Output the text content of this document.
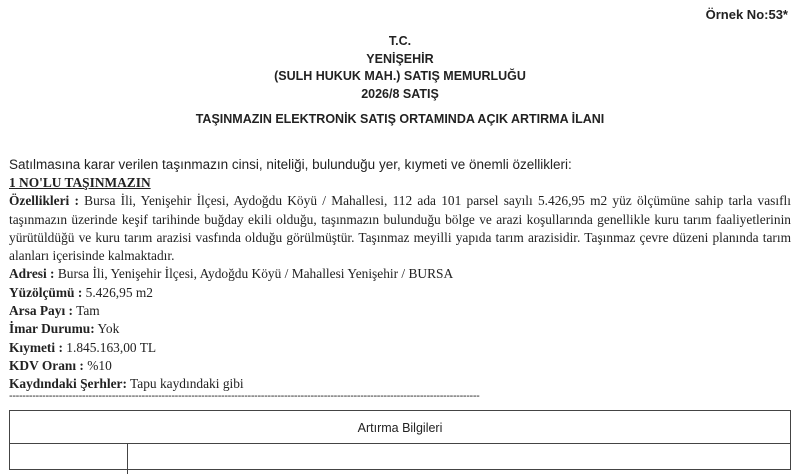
Örnek No:53*
T.C.
YENİŞEHİR
(SULH HUKUK MAH.) SATIŞ MEMURLUĞU
2026/8 SATIŞ
TAŞINMAZIN ELEKTRONİK SATIŞ ORTAMINDA AÇIK ARTIRMA İLANI
Satılmasına karar verilen taşınmazın cinsi, niteliği, bulunduğu yer, kıymeti ve önemli özellikleri:

1 NO'LU TAŞINMAZIN

Özellikleri : Bursa İli, Yenişehir İlçesi, Aydoğdu Köyü / Mahallesi, 112 ada 101 parsel sayılı 5.426,95 m2 yüz ölçümüne sahip tarla vasıflı taşınmazın üzerinde keşif tarihinde buğday ekili olduğu, taşınmazın bulunduğu bölge ve arazi koşullarında genellikle kuru tarım faaliyetlerinin yürütüldüğü ve kuru tarım arazisi vasfında olduğu görülmüştür. Taşınmaz meyilli yapıda tarım arazisidir. Taşınmaz çevre düzeni planında tarım alanları içerisinde kalmaktadır.

Adresi : Bursa İli, Yenişehir İlçesi, Aydoğdu Köyü / Mahallesi Yenişehir / BURSA

Yüzölçümü : 5.426,95 m2

Arsa Payı : Tam

İmar Durumu: Yok

Kıymeti : 1.845.163,00 TL

KDV Oranı : %10

Kaydındaki Şerhler: Tapu kaydındaki gibi

----------------------------------------------------------------------------------------------------------------------------------------------
Artırma Bilgileri
